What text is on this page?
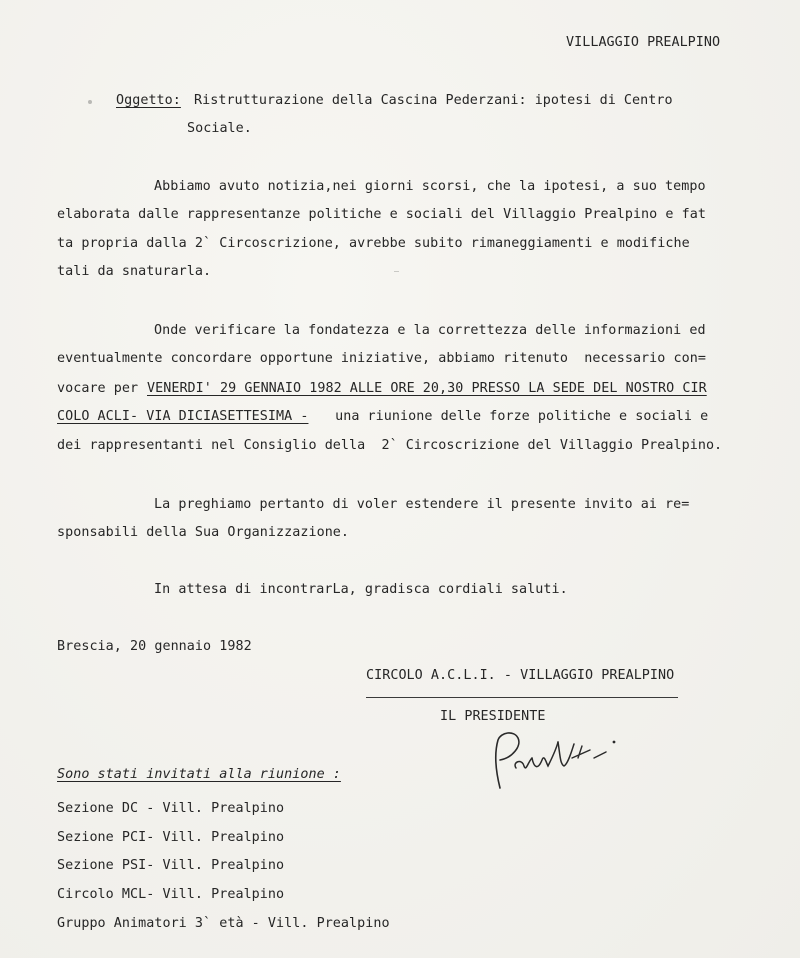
VILLAGGIO PREALPINO
Oggetto: Ristrutturazione della Cascina Pederzani: ipotesi di Centro
Sociale.
Abbiamo avuto notizia,nei giorni scorsi, che la ipotesi, a suo tempo
elaborata dalle rappresentanze politiche e sociali del Villaggio Prealpino e fat
ta propria dalla 2` Circoscrizione, avrebbe subito rimaneggiamenti e modifiche
tali da snaturarla.
Onde verificare la fondatezza e la correttezza delle informazioni ed
eventualmente concordare opportune iniziative, abbiamo ritenuto  necessario con=
vocare per VENERDI' 29 GENNAIO 1982 ALLE ORE 20,30 PRESSO LA SEDE DEL NOSTRO CIR
COLO ACLI- VIA DICIASETTESIMA - una riunione delle forze politiche e sociali e
dei rappresentanti nel Consiglio della  2` Circoscrizione del Villaggio Prealpino.
La preghiamo pertanto di voler estendere il presente invito ai re=
sponsabili della Sua Organizzazione.
In attesa di incontrarLa, gradisca cordiali saluti.
Brescia, 20 gennaio 1982
CIRCOLO A.C.L.I. - VILLAGGIO PREALPINO
IL PRESIDENTE
Sono stati invitati alla riunione :
Sezione DC - Vill. Prealpino
Sezione PCI- Vill. Prealpino
Sezione PSI- Vill. Prealpino
Circolo MCL- Vill. Prealpino
Gruppo Animatori 3` età - Vill. Prealpino
